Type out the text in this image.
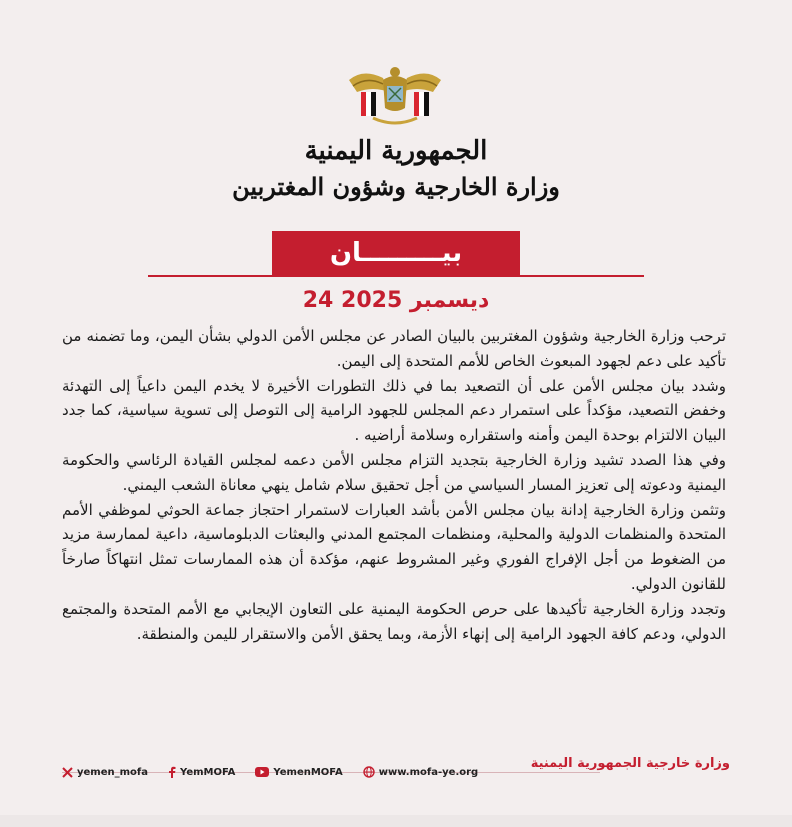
الجمهورية اليمنية
وزارة الخارجية وشؤون المغتربين
بيـــــــــان
24 ديسمبر 2025

ترحب وزارة الخارجية وشؤون المغتربين بالبيان الصادر عن مجلس الأمن الدولي بشأن اليمن، وما تضمنه من تأكيد على دعم لجهود المبعوث الخاص للأمم المتحدة إلى اليمن.

وشدد بيان مجلس الأمن على أن التصعيد بما في ذلك التطورات الأخيرة لا يخدم اليمن داعياً إلى التهدئة وخفض التصعيد، مؤكداً على استمرار دعم المجلس للجهود الرامية إلى التوصل إلى تسوية سياسية، كما جدد البيان الالتزام بوحدة اليمن وأمنه واستقراره وسلامة أراضيه .

وفي هذا الصدد تشيد وزارة الخارجية بتجديد التزام مجلس الأمن دعمه لمجلس القيادة الرئاسي والحكومة اليمنية ودعوته إلى تعزيز المسار السياسي من أجل تحقيق سلام شامل ينهي معاناة الشعب اليمني.

وتثمن وزارة الخارجية إدانة بيان مجلس الأمن بأشد العبارات لاستمرار احتجاز جماعة الحوثي لموظفي الأمم المتحدة والمنظمات الدولية والمحلية، ومنظمات المجتمع المدني والبعثات الدبلوماسية، داعية لممارسة مزيد من الضغوط من أجل الإفراج الفوري وغير المشروط عنهم، مؤكدة أن هذه الممارسات تمثل انتهاكاً صارخاً للقانون الدولي.

وتجدد وزارة الخارجية تأكيدها على حرص الحكومة اليمنية على التعاون الإيجابي مع الأمم المتحدة والمجتمع الدولي، ودعم كافة الجهود الرامية إلى إنهاء الأزمة، وبما يحقق الأمن والاستقرار لليمن والمنطقة.

وزارة خارجية الجمهورية اليمنية
yemen_mofa	YemMOFA	YemenMOFA	www.mofa-ye.org
